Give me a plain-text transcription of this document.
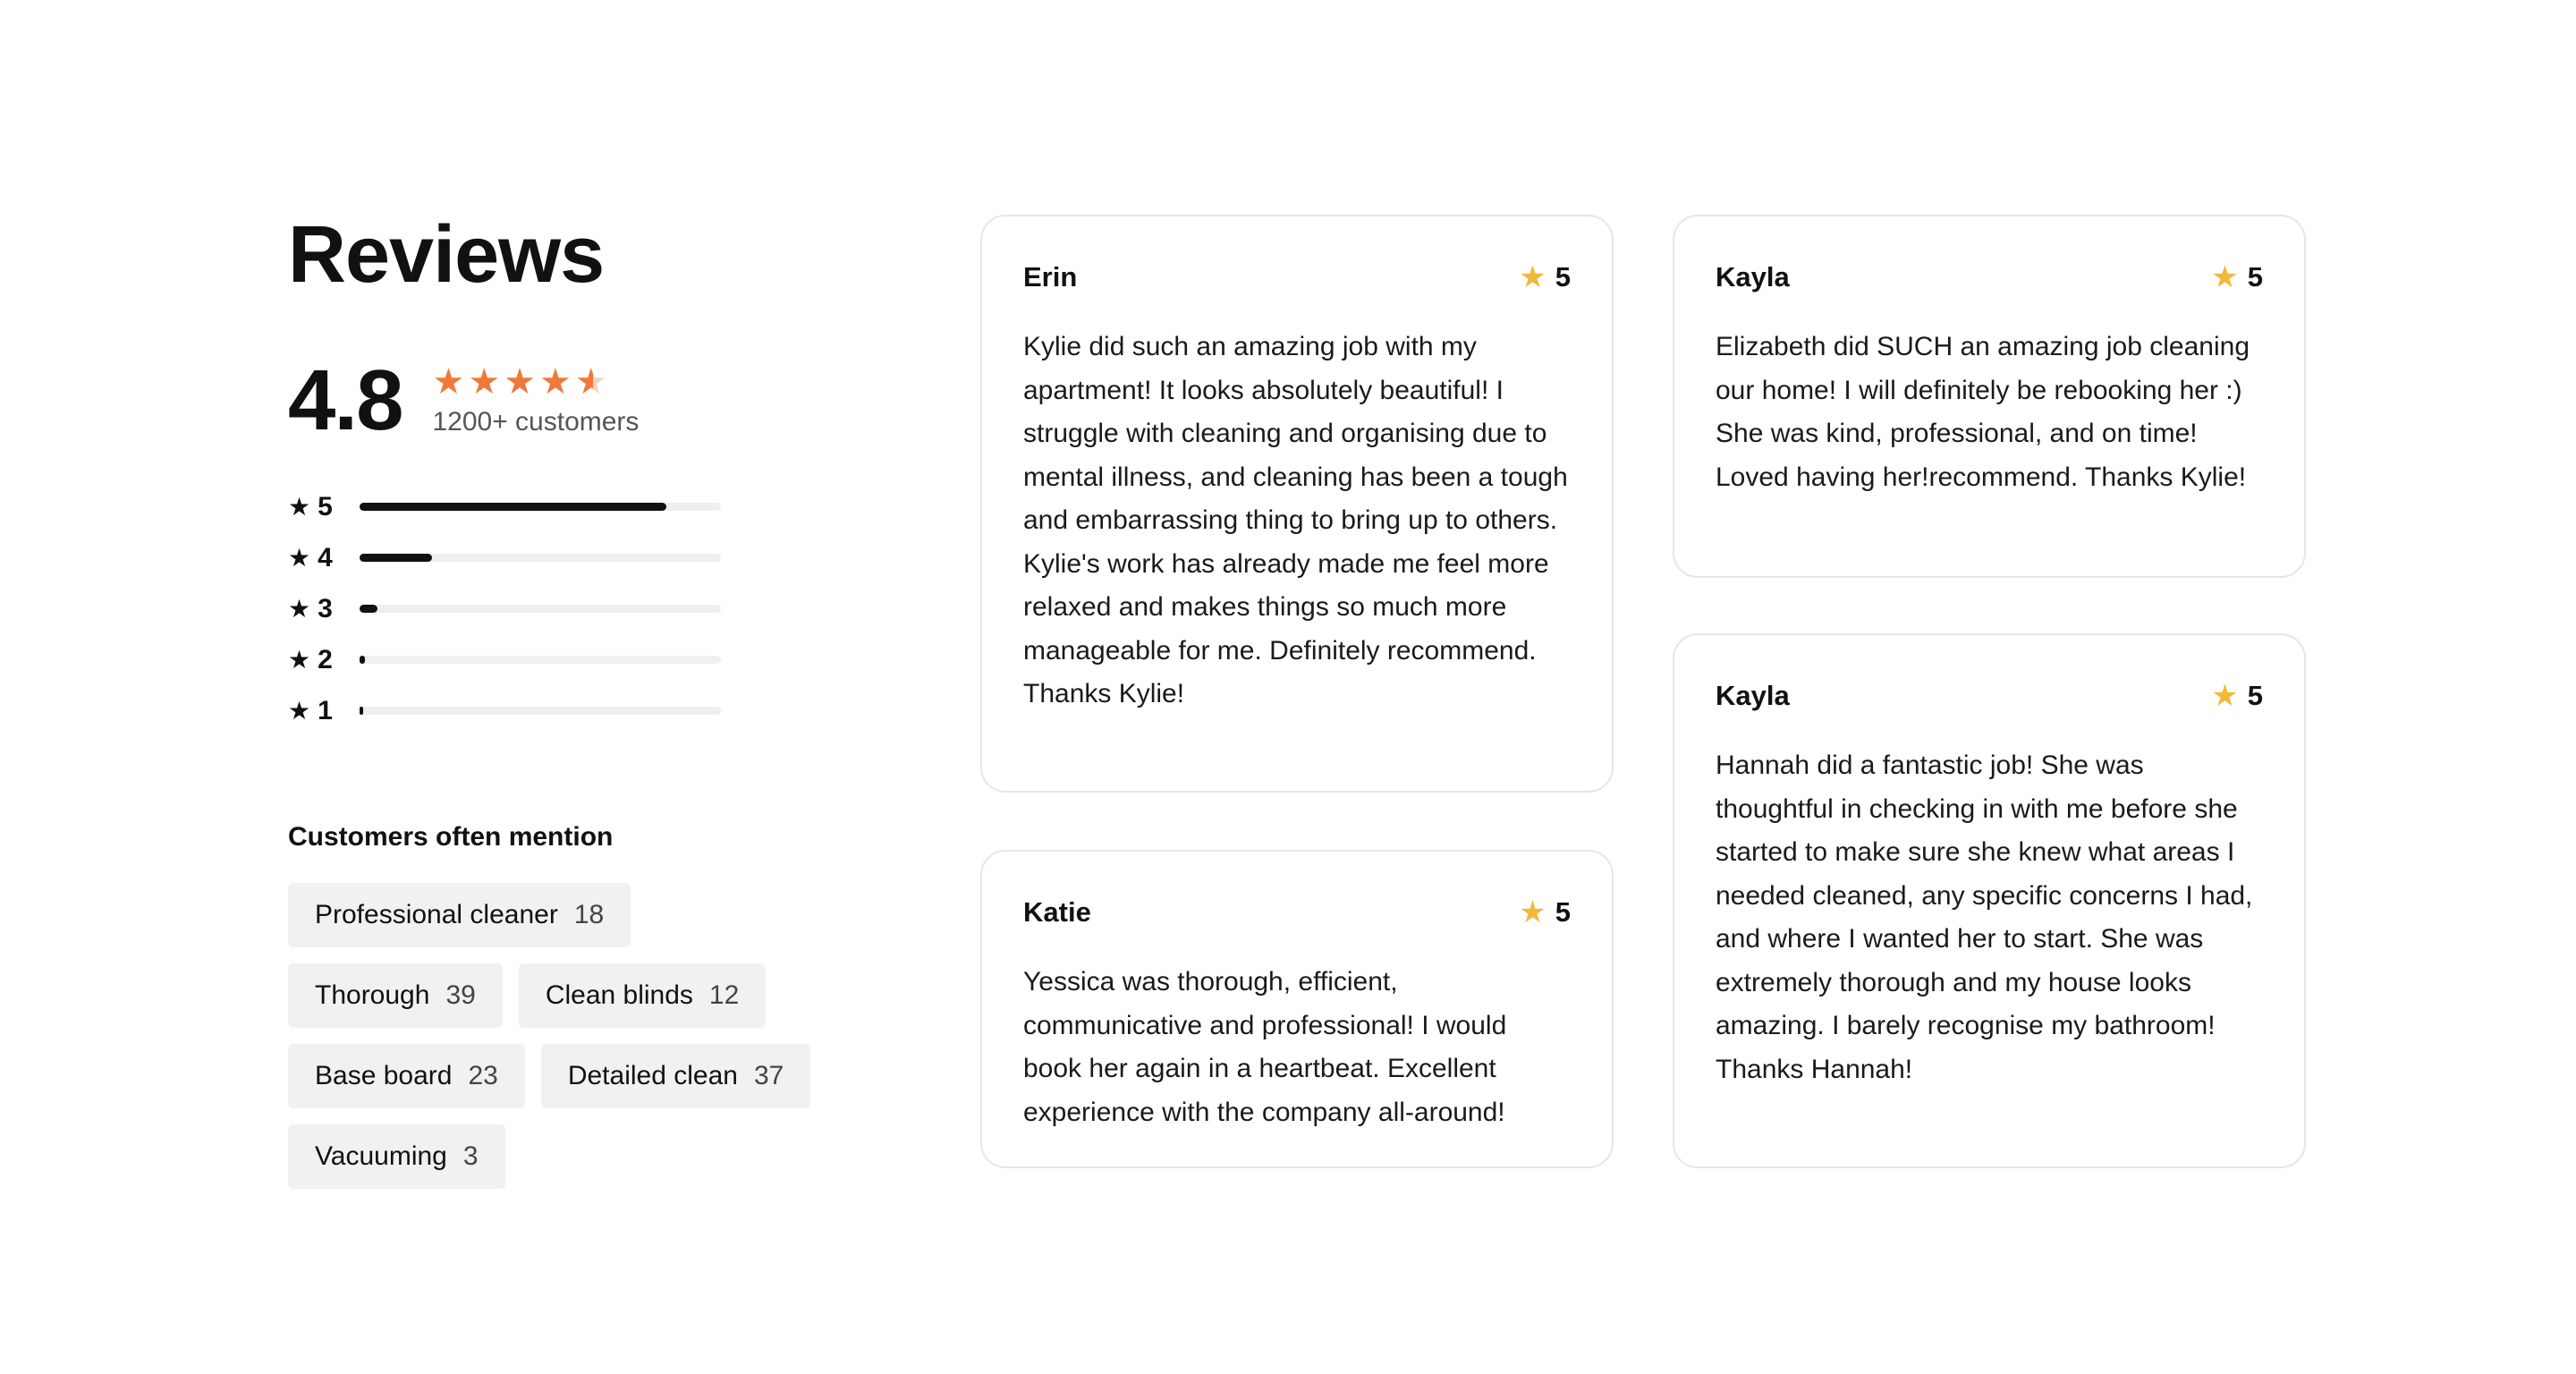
Reviews
4.8 ★ ★ ★ ★
★ ★
1200+ customers
★ 5
★ 4
★ 3
★ 2
★ 1
Customers often mention
Professional cleaner 18
Thorough 39	Clean blinds 12
Base board 23	Detailed clean 37
Vacuuming 3
Erin	★ 5

Kylie did such an amazing job with my apartment! It looks absolutely beautiful! I struggle with cleaning and organising due to mental illness, and cleaning has been a tough and embarrassing thing to bring up to others. Kylie's work has already made me feel more relaxed and makes things so much more manageable for me. Definitely recommend. Thanks Kylie!

Katie	★ 5

Yessica was thorough, efficient, communicative and professional! I would book her again in a heartbeat. Excellent experience with the company all-around!

Kayla	★ 5

Elizabeth did SUCH an amazing job cleaning our home! I will definitely be rebooking her :) She was kind, professional, and on time! Loved having her!recommend. Thanks Kylie!

Kayla	★ 5

Hannah did a fantastic job! She was thoughtful in checking in with me before she started to make sure she knew what areas I needed cleaned, any specific concerns I had, and where I wanted her to start. She was extremely thorough and my house looks amazing. I barely recognise my bathroom! Thanks Hannah!
